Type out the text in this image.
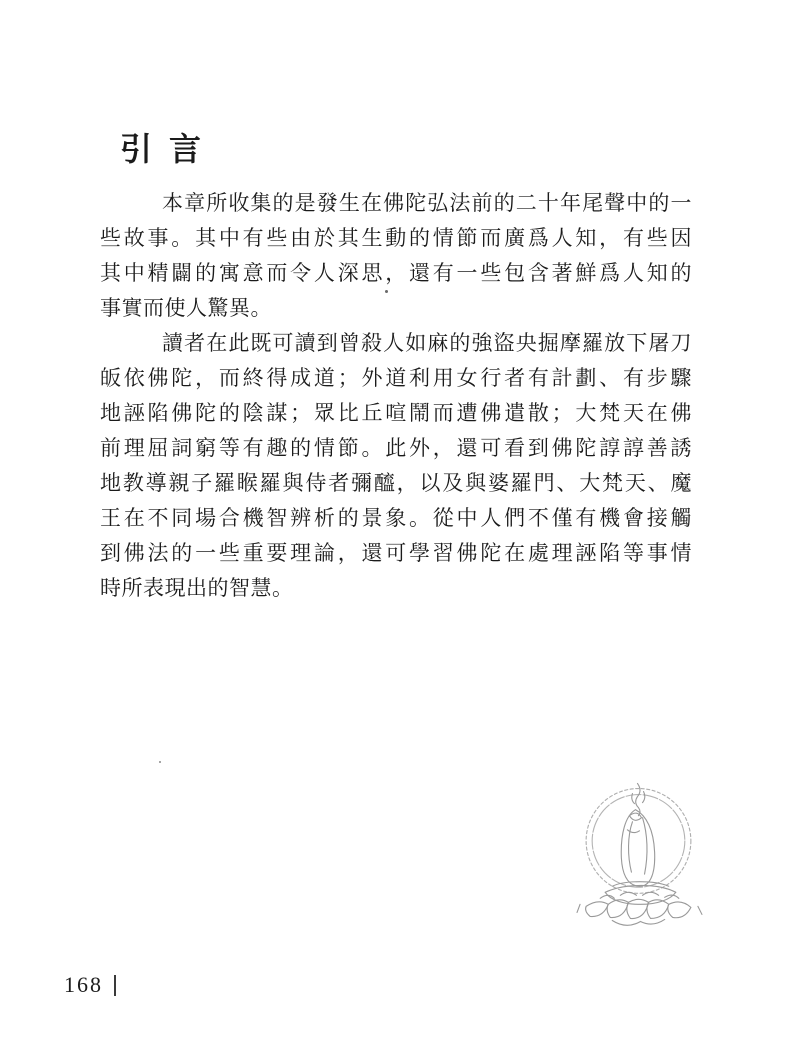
引言
本章所收集的是發生在佛陀弘法前的二十年尾聲中的一
些故事。其中有些由於其生動的情節而廣爲人知，有些因
其中精闢的寓意而令人深思，還有一些包含著鮮爲人知的
事實而使人驚異。
讀者在此既可讀到曾殺人如麻的強盜央掘摩羅放下屠刀
皈依佛陀，而終得成道；外道利用女行者有計劃、有步驟
地誣陷佛陀的陰謀；眾比丘喧鬧而遭佛遣散；大梵天在佛
前理屈詞窮等有趣的情節。此外，還可看到佛陀諄諄善誘
地教導親子羅睺羅與侍者彌醯，以及與婆羅門、大梵天、魔
王在不同場合機智辨析的景象。從中人們不僅有機會接觸
到佛法的一些重要理論，還可學習佛陀在處理誣陷等事情
時所表現出的智慧。
168
